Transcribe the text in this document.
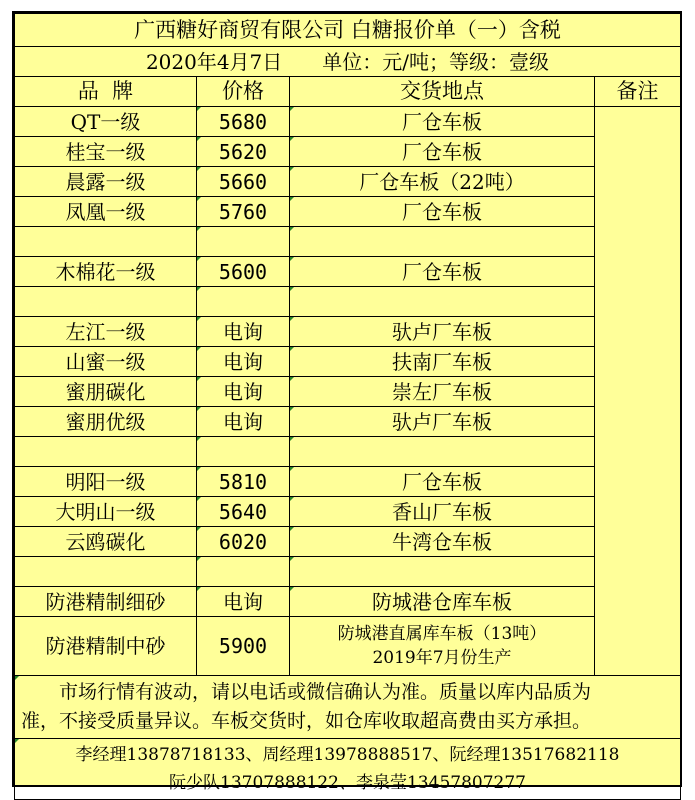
广西糖好商贸有限公司 白糖报价单（一）含税			
2020年4月7日 单位：元/吨；等级：壹级			
品  牌	价格	交货地点	备注
QT一级	5680	厂仓车板	
桂宝一级	5620	厂仓车板	
晨露一级	5660	厂仓车板（22吨）	
凤凰一级	5760	厂仓车板	

木棉花一级	5600	厂仓车板	

左江一级	电询	驮卢厂车板	
山蜜一级	电询	扶南厂车板	
蜜朋碳化	电询	崇左厂车板	
蜜朋优级	电询	驮卢厂车板	

明阳一级	5810	厂仓车板	
大明山一级	5640	香山厂车板	
云鸥碳化	6020	牛湾仓车板	

防港精制细砂	电询	防城港仓库车板	
防港精制中砂	5900	防城港直属库车板（13吨）
2019年7月份生产	

市场行情有波动，请以电话或微信确认为准。质量以库内品质为
准，不接受质量异议。车板交货时，如仓库收取超高费由买方承担。			

李经理13878718133、周经理13978888517、阮经理13517682118
阮少队13707888122、李泉莹13457807277			
